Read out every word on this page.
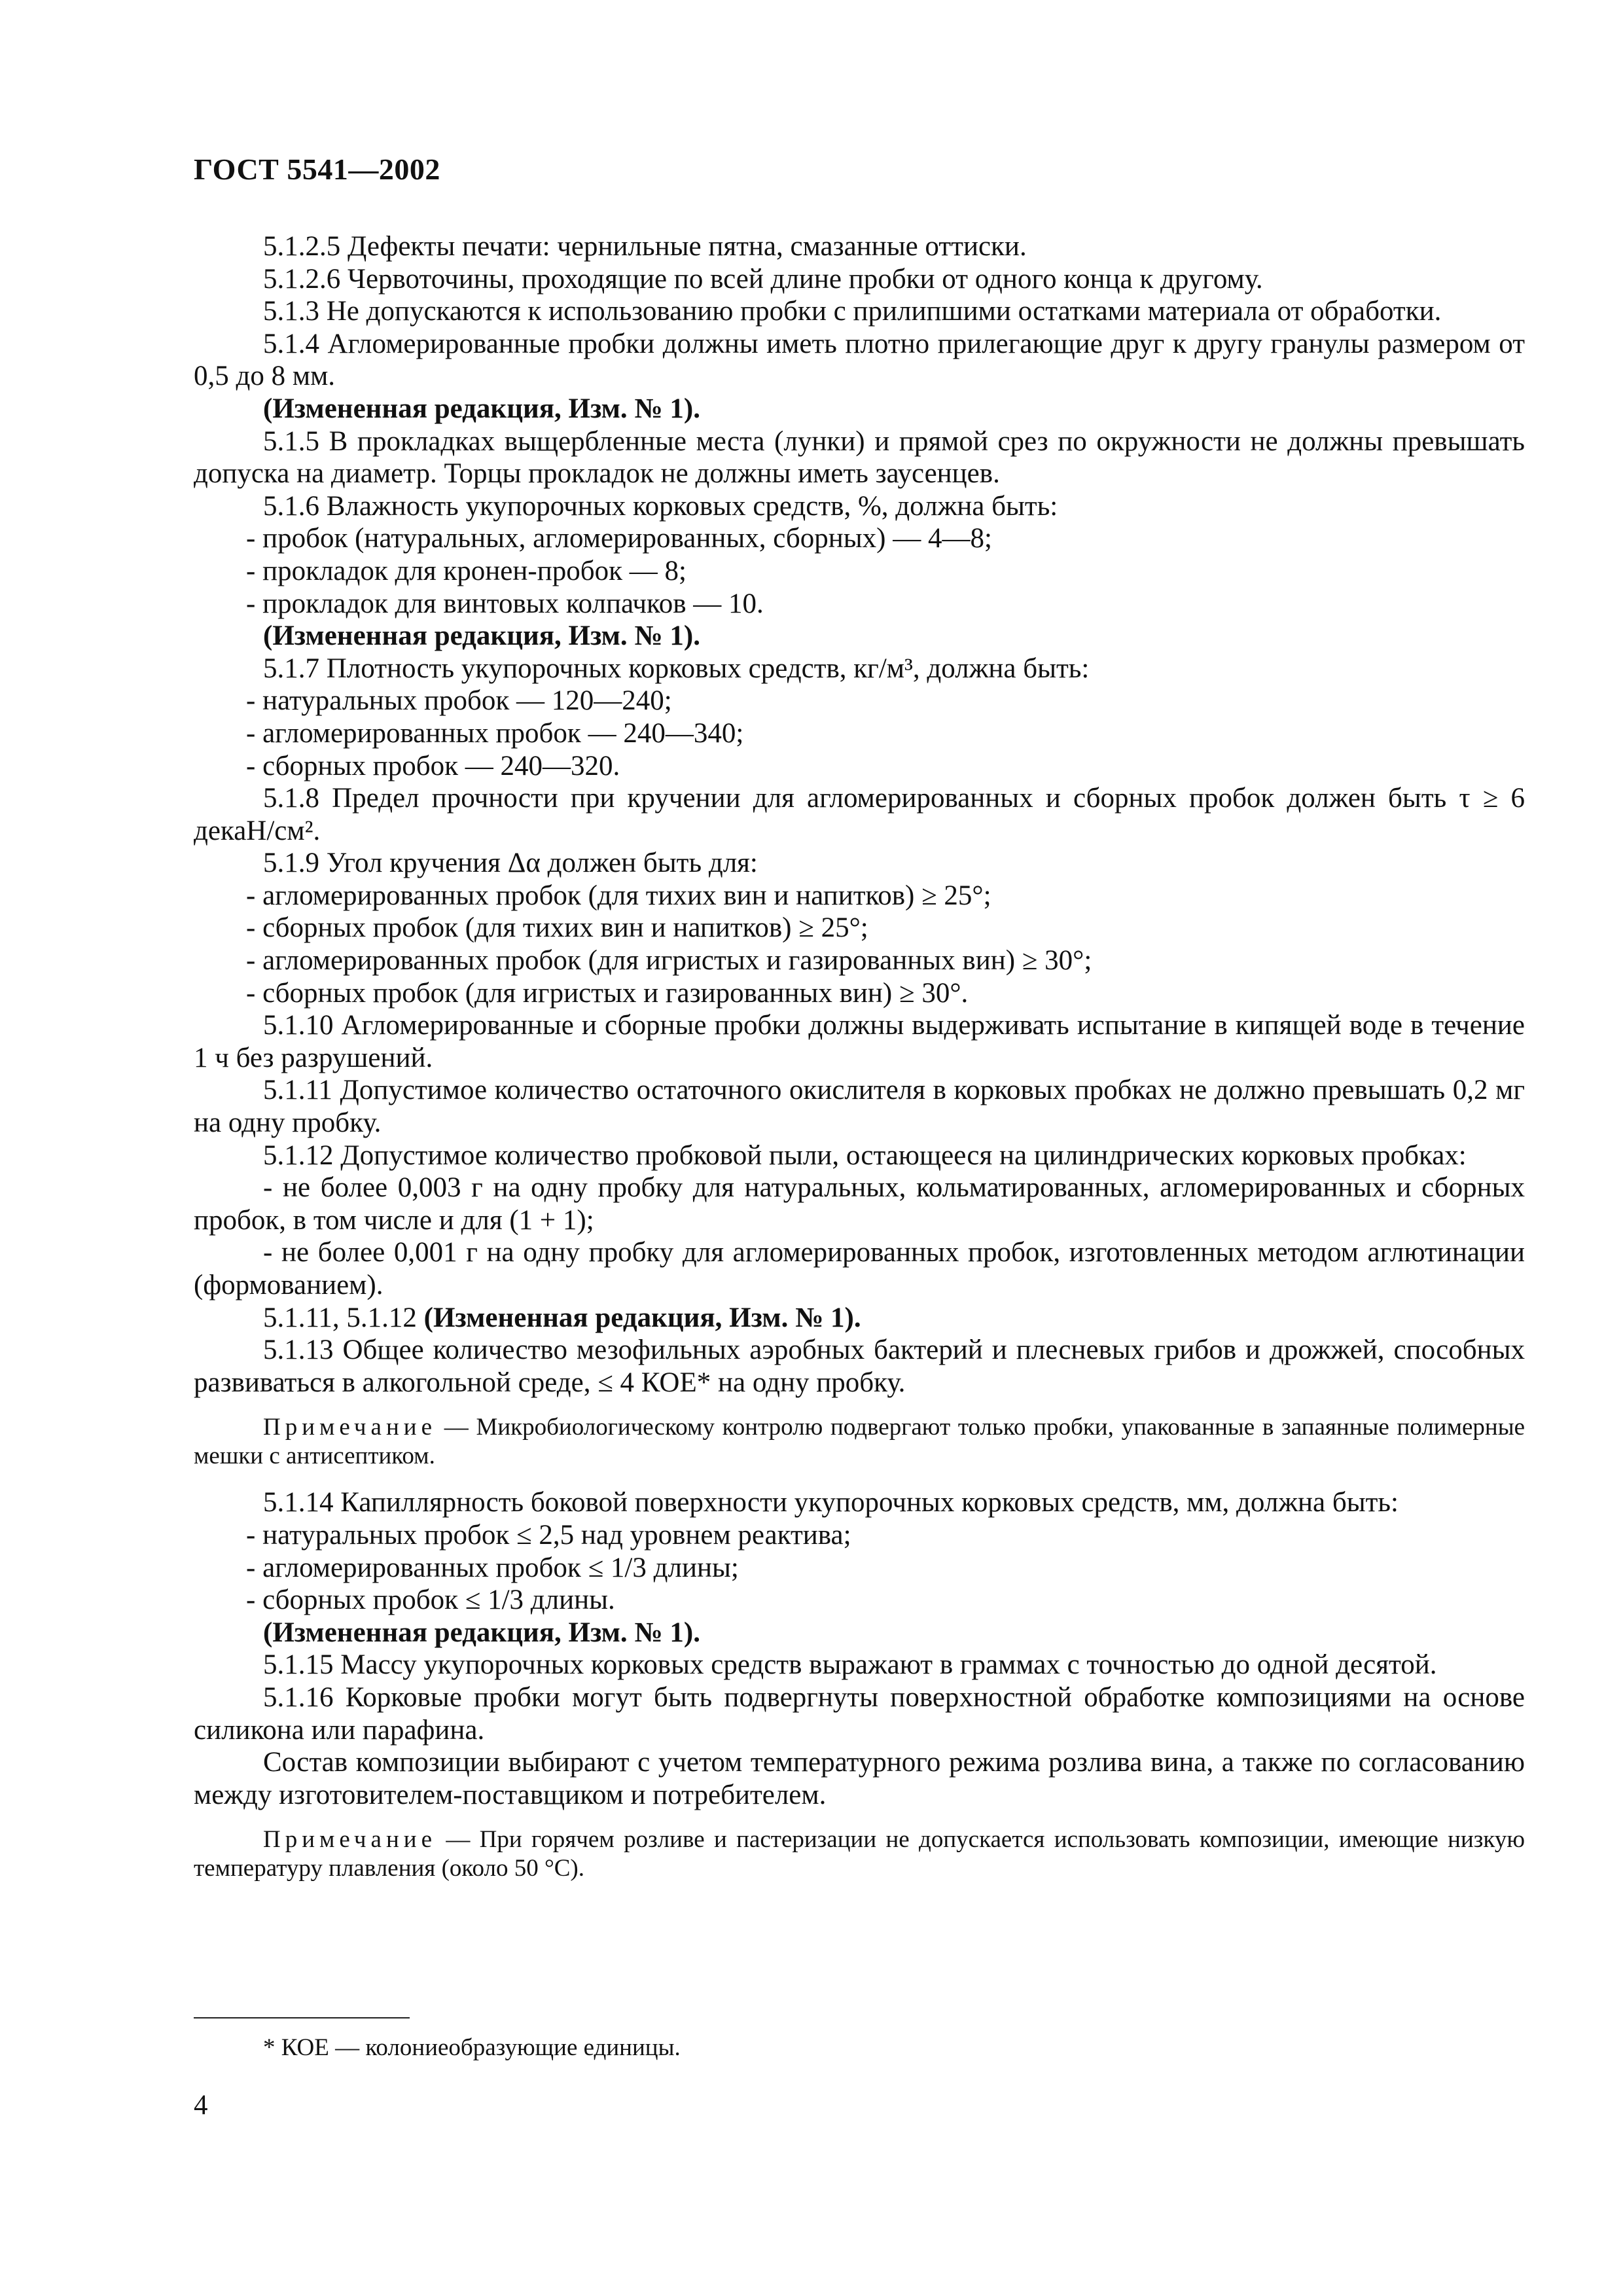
ГОСТ 5541—2002

5.1.2.5 Дефекты печати: чернильные пятна, смазанные оттиски.

5.1.2.6 Червоточины, проходящие по всей длине пробки от одного конца к другому.

5.1.3 Не допускаются к использованию пробки с прилипшими остатками материала от обработки.

5.1.4 Агломерированные пробки должны иметь плотно прилегающие друг к другу гранулы размером от 0,5 до 8 мм.

(Измененная редакция, Изм. № 1).

5.1.5 В прокладках выщербленные места (лунки) и прямой срез по окружности не должны превышать допуска на диаметр. Торцы прокладок не должны иметь заусенцев.

5.1.6 Влажность укупорочных корковых средств, %, должна быть:

- пробок (натуральных, агломерированных, сборных) — 4—8;

- прокладок для кронен-пробок — 8;

- прокладок для винтовых колпачков — 10.

(Измененная редакция, Изм. № 1).

5.1.7 Плотность укупорочных корковых средств, кг/м³, должна быть:

- натуральных пробок — 120—240;

- агломерированных пробок — 240—340;

- сборных пробок — 240—320.

5.1.8 Предел прочности при кручении для агломерированных и сборных пробок должен быть τ ≥ 6 декаН/см².

5.1.9 Угол кручения Δα должен быть для:

- агломерированных пробок (для тихих вин и напитков) ≥ 25°;

- сборных пробок (для тихих вин и напитков) ≥ 25°;

- агломерированных пробок (для игристых и газированных вин) ≥ 30°;

- сборных пробок (для игристых и газированных вин) ≥ 30°.

5.1.10 Агломерированные и сборные пробки должны выдерживать испытание в кипящей воде в течение 1 ч без разрушений.

5.1.11 Допустимое количество остаточного окислителя в корковых пробках не должно превышать 0,2 мг на одну пробку.

5.1.12 Допустимое количество пробковой пыли, остающееся на цилиндрических корковых пробках:

- не более 0,003 г на одну пробку для натуральных, кольматированных, агломерированных и сборных пробок, в том числе и для (1 + 1);

- не более 0,001 г на одну пробку для агломерированных пробок, изготовленных методом аглютинации (формованием).

5.1.11, 5.1.12 (Измененная редакция, Изм. № 1).

5.1.13 Общее количество мезофильных аэробных бактерий и плесневых грибов и дрожжей, способных развиваться в алкогольной среде, ≤ 4 КОЕ* на одну пробку.

Примечание — Микробиологическому контролю подвергают только пробки, упакованные в запаянные полимерные мешки с антисептиком.

5.1.14 Капиллярность боковой поверхности укупорочных корковых средств, мм, должна быть:

- натуральных пробок ≤ 2,5 над уровнем реактива;

- агломерированных пробок ≤ 1/3 длины;

- сборных пробок ≤ 1/3 длины.

(Измененная редакция, Изм. № 1).

5.1.15 Массу укупорочных корковых средств выражают в граммах с точностью до одной десятой.

5.1.16 Корковые пробки могут быть подвергнуты поверхностной обработке композициями на основе силикона или парафина.

Состав композиции выбирают с учетом температурного режима розлива вина, а также по согласованию между изготовителем-поставщиком и потребителем.

Примечание — При горячем розливе и пастеризации не допускается использовать композиции, имеющие низкую температуру плавления (около 50 °С).

* КОЕ — колониеобразующие единицы.
4
